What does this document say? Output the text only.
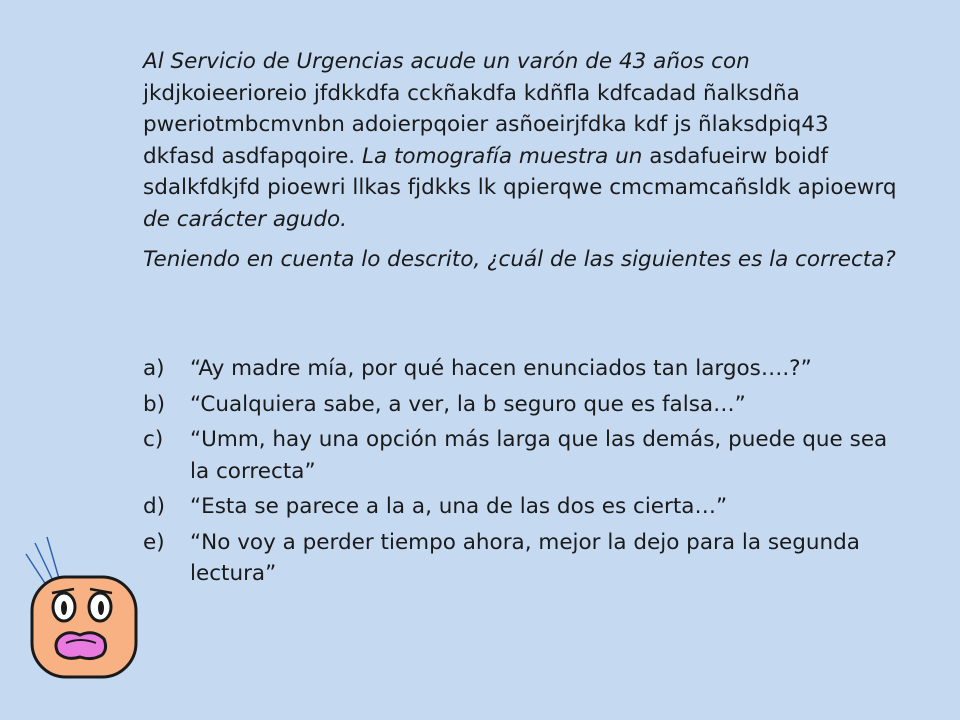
Al Servicio de Urgencias acude un varón de 43 años con jkdjkoieerioreio jfdkkdfa cckñakdfa kdñfla kdfcadad ñalksdña pweriotmbcmvnbn adoierpqoier asñoeirjfdka kdf js ñlaksdpiq43 dkfasd asdfapqoire. La tomografía muestra un asdafueirw boidf sdalkfdkjfd pioewri llkas fjdkks lk qpierqwe cmcmamcañsldk apioewrq de carácter agudo.

Teniendo en cuenta lo descrito, ¿cuál de las siguientes es la correcta?

a) “Ay madre mía, por qué hacen enunciados tan largos….?”
b) “Cualquiera sabe, a ver, la b seguro que es falsa…”
c) “Umm, hay una opción más larga que las demás, puede que sea la correcta”
d) “Esta se parece a la a, una de las dos es cierta…”
e) “No voy a perder tiempo ahora, mejor la dejo para la segunda lectura”
